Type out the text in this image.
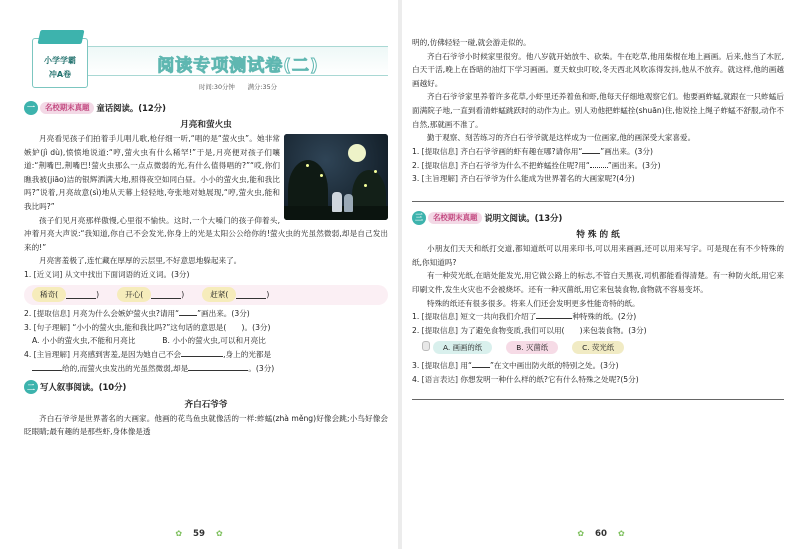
小学学霸
冲A卷	阅读专项测试卷(二)
时间:30分钟　　满分:35分
一	名校期末真题 童话阅读。(12分)
月亮和萤火虫

月亮看见孩子们拍着手儿唱儿歌,枪仔细一听,“唱的是“萤火虫”。她非常嫉妒(jì dù),愤愤地说道:“哼,萤火虫有什么稀罕!”于是,月亮便对孩子们嚷道:“荆嘴巴,荆嘴巴!萤火虫那么一点点微弱的光,有什么值得唱的?”“哎,你们瞧我被(jiāo)洁的银辉洒满大地,照得夜空如同白昼。小小的萤火虫,能和我比吗?”说着,月亮故意(sì)地从天幕上轻轻地,夸张地对她展现,“哼,萤火虫,能和我比吗?”

孩子们见月亮那样傲慢,心里很不愉快。这时,一个大嗓门的孩子仰着头,冲着月亮大声说:“我知道,你自己不会发光,你身上的光是太阳公公给你的!萤火虫的光虽然微弱,却是自己发出来的!”

月亮害羞极了,连忙藏在厚厚的云层里,不好意思地躲起来了。

1. [近义词] 从文中找出下面词语的近义词。(3分)
稀奇(	)	开心(	)	赶紧(	)
2. [提取信息] 月亮为什么会嫉妒萤火虫?请用“ ”画出来。(3分)
3. [句子理解] “小小的萤火虫,能和我比吗?”这句话的意思是(　　)。(3分)
A. 小小的萤火虫,不能和月亮比	B. 小小的萤火虫,可以和月亮比
4. [主旨理解] 月亮感到害羞,是因为她自己不会	,身上的光都是
给的,而萤火虫发出的光虽然微弱,却是	。(3分)
二 写人叙事阅读。(10分)
齐白石爷爷

齐白石爷爷是世界著名的大画家。他画的花鸟鱼虫就像活的一样:蚱蜢(zhà měng)好像会跳;小鸟好像会眨眼睛;最有趣的是那些虾,身体像是透

✿ 59 ✿

明的,仿佛轻轻一碰,就会游走似的。

齐白石爷爷小时候家里很穷。他八岁就开始放牛、砍柴。牛在吃草,他用柴棍在地上画画。后来,他当了木匠,白天干活,晚上在昏暗的油灯下学习画画。夏天蚊虫叮咬,冬天西北风吹冻得发抖,他从不放弃。就这样,他的画越画越好。

齐白石爷爷家里养着许多花草,小虾里还养着鱼和虾,他每天仔细地观察它们。他要画蚱蜢,就跟在一只蚱蜢后面满院子地,一直到看清蚱蜢跳跃时的动作为止。别人劝他把蚱蜢拴(shuān)住,他说拴上绳子蚱蜢不舒服,动作不自然,那就画不准了。

勤于观察、刻苦练习的齐白石爷爷就是这样成为一位画家,他的画深受大家喜爱。

1. [提取信息] 齐白石爷爷画的虾有趣在哪?请你用“ ”画出来。(3分)
2. [提取信息] 齐白石爷爷为什么不把蚱蜢拴住呢?用“ ”画出来。(3分)
3. [主旨理解] 齐白石爷爷为什么能成为世界著名的大画家呢?(4分)
三	名校期末真题 说明文阅读。(13分)
特 殊 的 纸

小朋友们天天和纸打交道,都知道纸可以用来印书,可以用来画画,还可以用来写字。可是现在有不少特殊的纸,你知道吗?

有一种荧光纸,在暗处能发光,用它做公路上的标志,不管白天黑夜,司机都能看得清楚。有一种防火纸,用它来印刷文件,发生火灾也不会被烧坏。还有一种灭菌纸,用它来包装食物,食物就不容易变坏。

特殊的纸还有很多很多。将来人们还会发明更多性能奇特的纸。

1. [提取信息] 短文一共向我们介绍了	种特殊的纸。(2分)
2. [提取信息] 为了避免食物变质,我们可以用(　　)来包装食物。(3分)
A. 画画的纸	B. 灭菌纸	C. 荧光纸
3. [提取信息] 用“ ”在文中画出防火纸的特别之处。(3分)
4. [语言表达] 你想发明一种什么样的纸?它有什么特殊之处呢?(5分)
✿ 60 ✿
